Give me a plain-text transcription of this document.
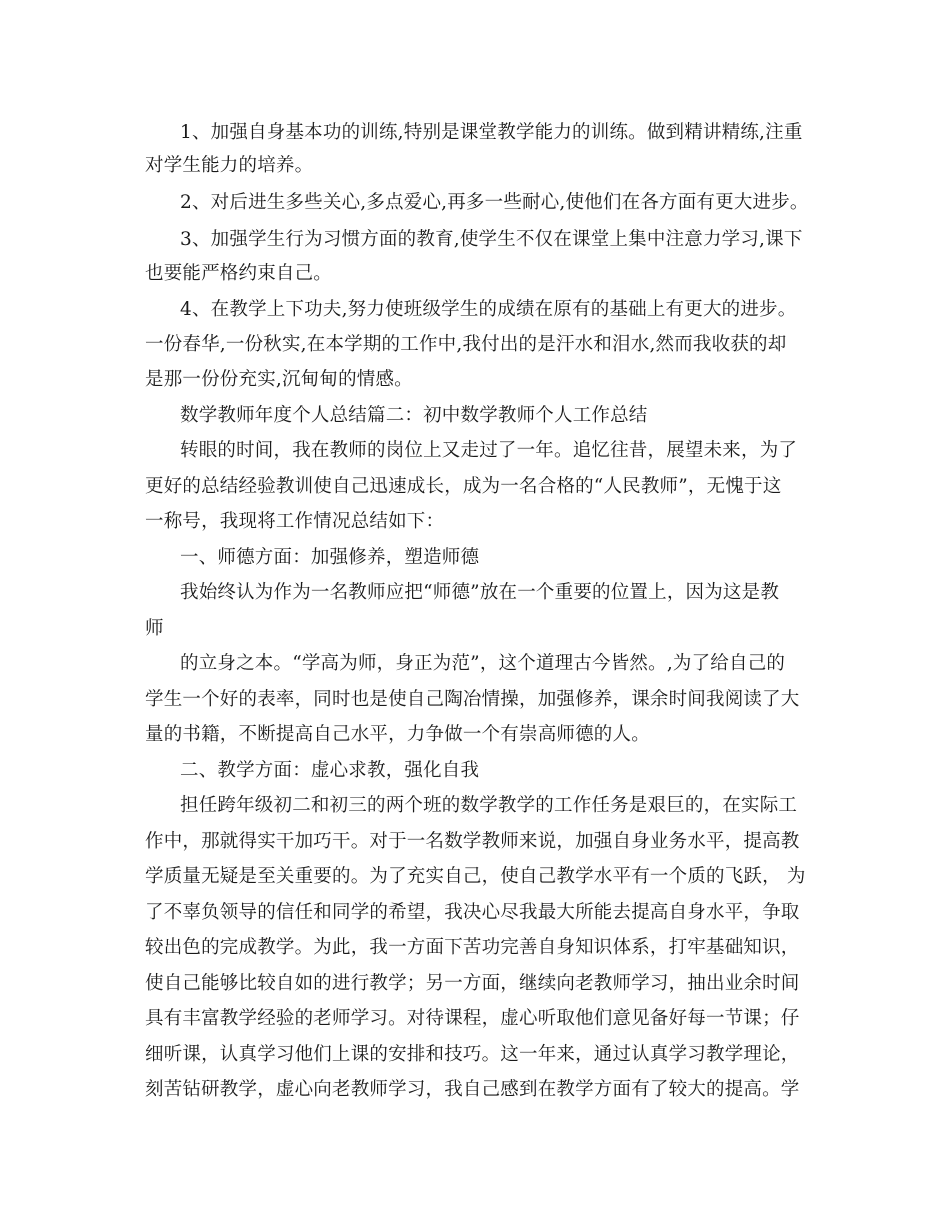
1、加强自身基本功的训练,特别是课堂教学能力的训练。做到精讲精练,注重
对学生能力的培养。
2、对后进生多些关心,多点爱心,再多一些耐心,使他们在各方面有更大进步。
3、加强学生行为习惯方面的教育,使学生不仅在课堂上集中注意力学习,课下
也要能严格约束自己。
4、在教学上下功夫,努力使班级学生的成绩在原有的基础上有更大的进步。
一份春华,一份秋实,在本学期的工作中,我付出的是汗水和泪水,然而我收获的却
是那一份份充实,沉甸甸的情感。
数学教师年度个人总结篇二：初中数学教师个人工作总结
转眼的时间，我在教师的岗位上又走过了一年。追忆往昔，展望未来，为了
更好的总结经验教训使自己迅速成长，成为一名合格的“人民教师”，无愧于这
一称号，我现将工作情况总结如下：
一、师德方面：加强修养，塑造师德
我始终认为作为一名教师应把“师德”放在一个重要的位置上，因为这是教
师
的立身之本。“学高为师，身正为范”，这个道理古今皆然。,为了给自己的
学生一个好的表率，同时也是使自己陶冶情操，加强修养，课余时间我阅读了大
量的书籍，不断提高自己水平，力争做一个有崇高师德的人。
二、教学方面：虚心求教，强化自我
担任跨年级初二和初三的两个班的数学教学的工作任务是艰巨的，在实际工
作中，那就得实干加巧干。对于一名数学教师来说，加强自身业务水平，提高教
学质量无疑是至关重要的。为了充实自己，使自己教学水平有一个质的飞跃， 为
了不辜负领导的信任和同学的希望，我决心尽我最大所能去提高自身水平，争取
较出色的完成教学。为此，我一方面下苦功完善自身知识体系，打牢基础知识，
使自己能够比较自如的进行教学；另一方面，继续向老教师学习，抽出业余时间
具有丰富教学经验的老师学习。对待课程，虚心听取他们意见备好每一节课；仔
细听课，认真学习他们上课的安排和技巧。这一年来，通过认真学习教学理论，
刻苦钻研教学，虚心向老教师学习，我自己感到在教学方面有了较大的提高。学
